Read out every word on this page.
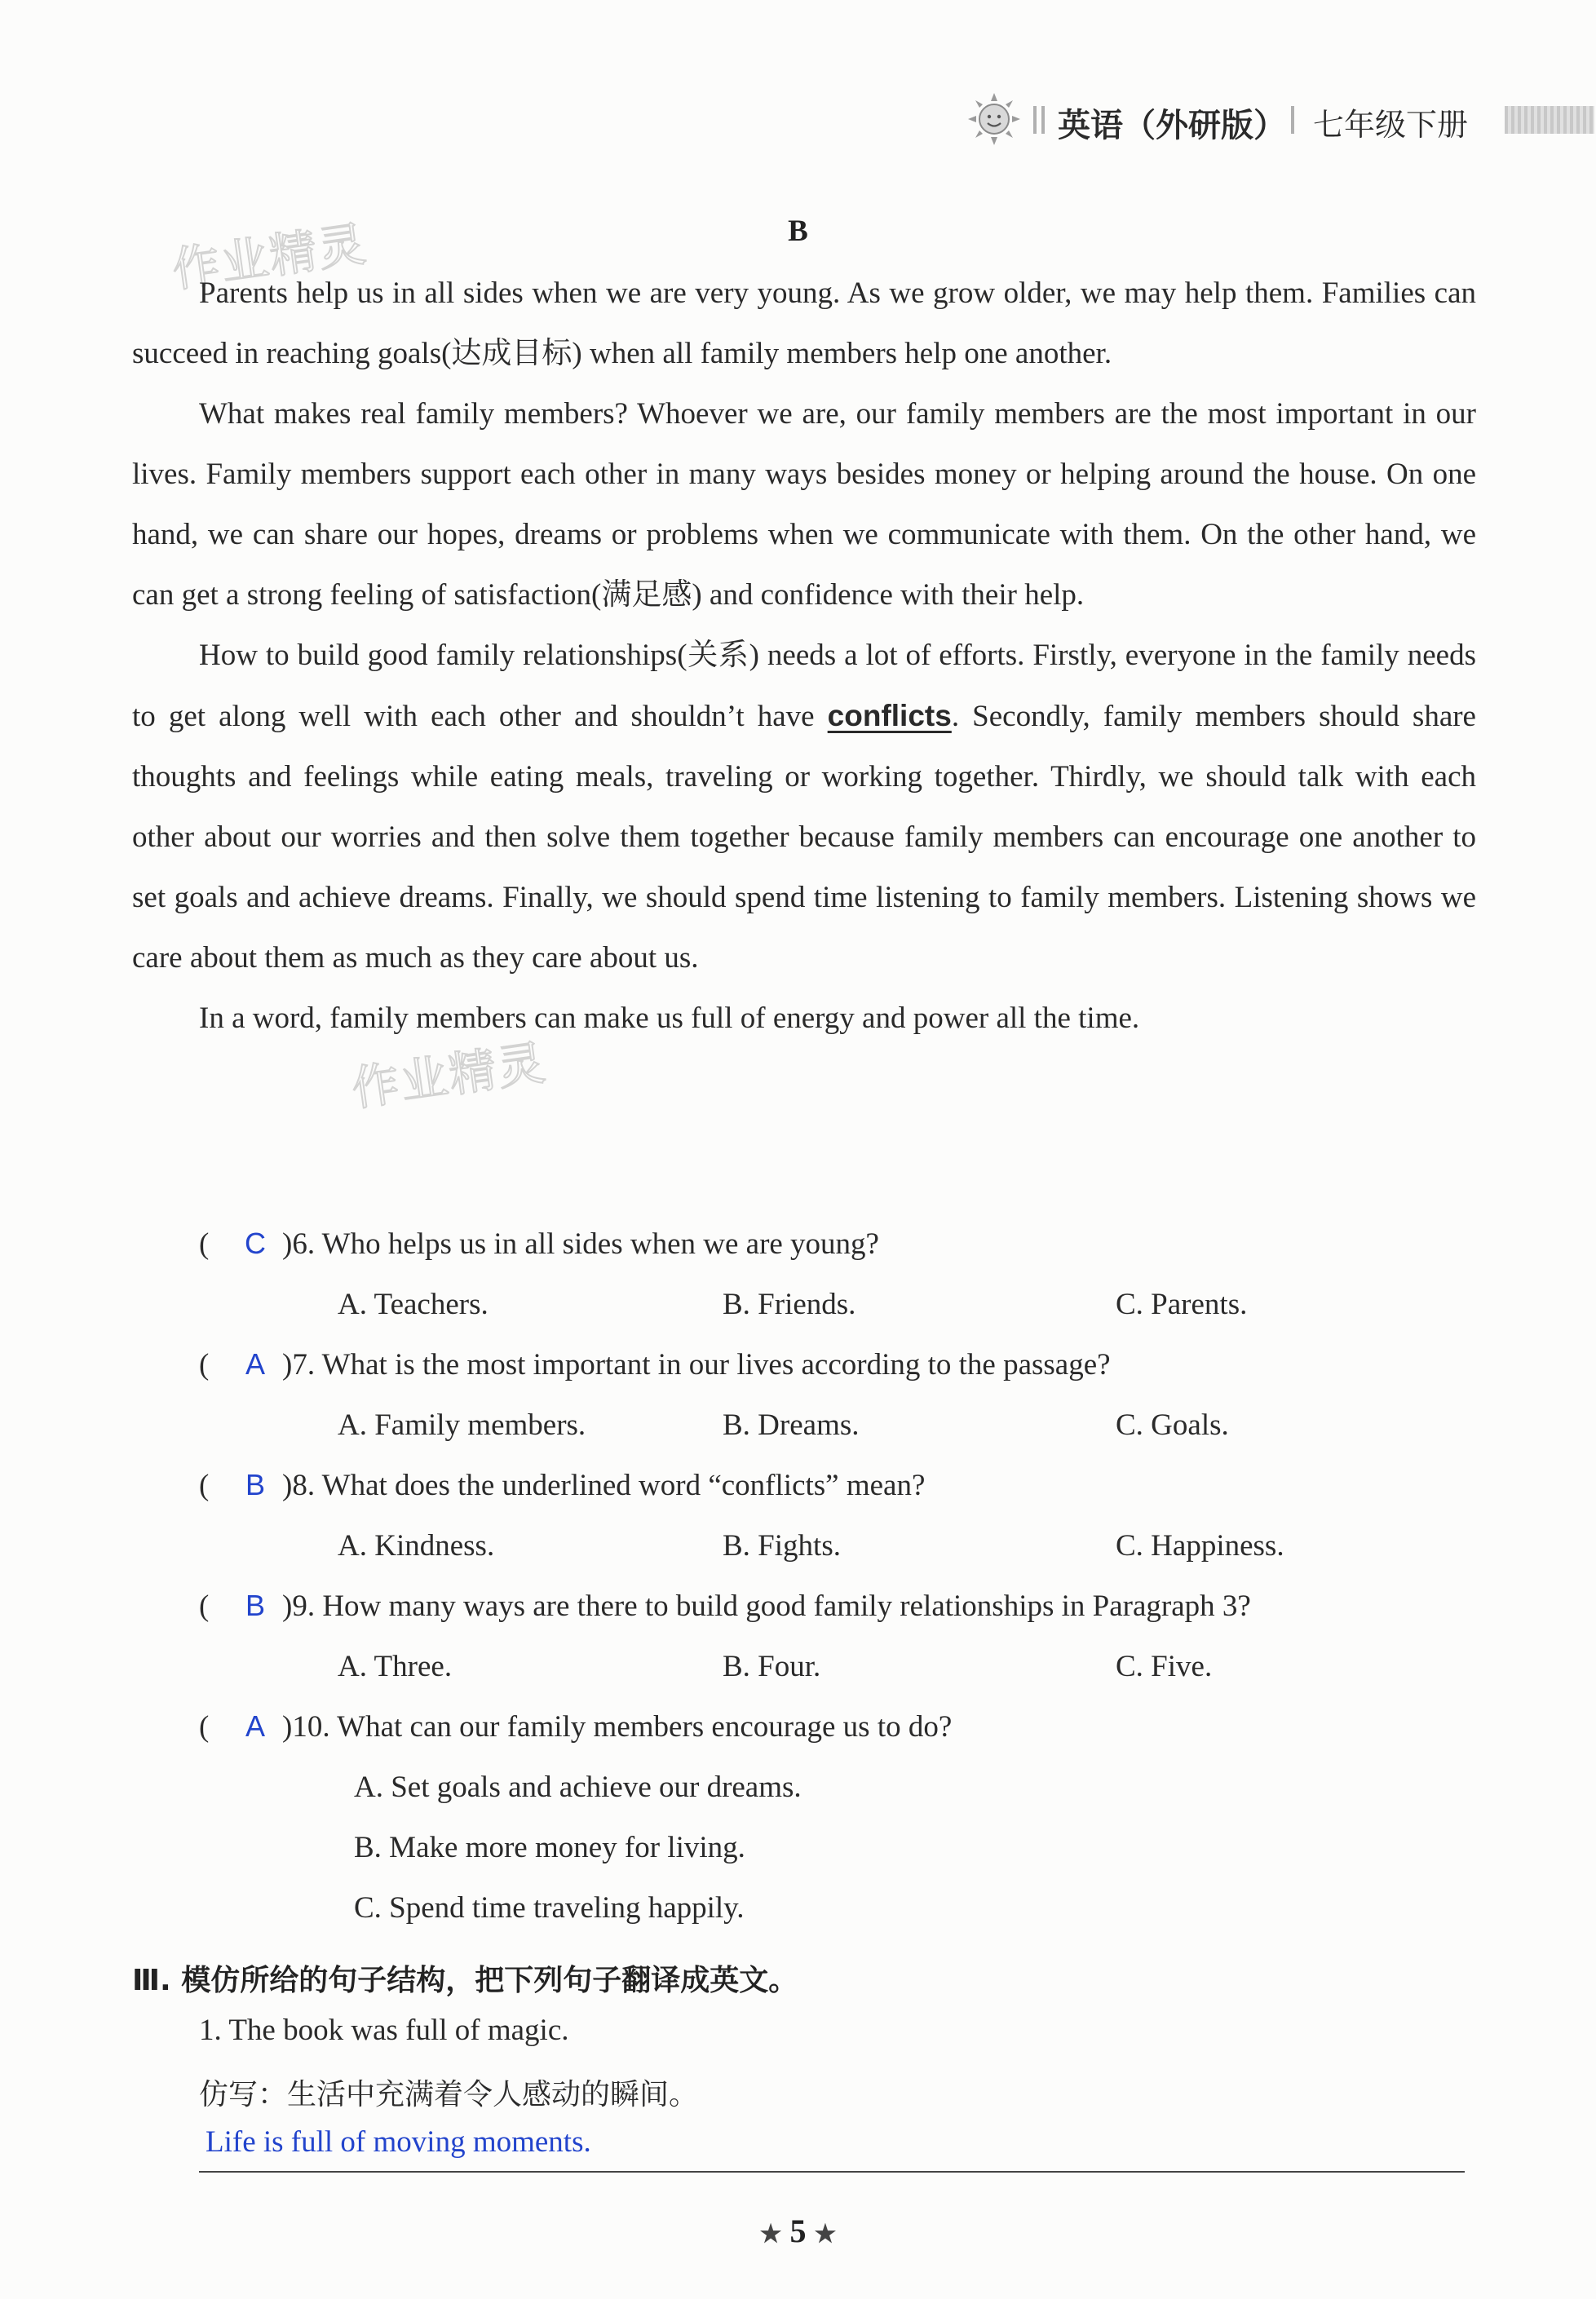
英语（外研版） 七年级下册
作业精灵
作业精灵
B

Parents help us in all sides when we are very young. As we grow older, we may help them. Families can succeed in reaching goals(达成目标) when all family members help one another.

What makes real family members? Whoever we are, our family members are the most important in our lives. Family members support each other in many ways besides money or helping around the house. On one hand, we can share our hopes, dreams or problems when we communicate with them. On the other hand, we can get a strong feeling of satisfaction(满足感) and confidence with their help.

How to build good family relationships(关系) needs a lot of efforts. Firstly, everyone in the family needs to get along well with each other and shouldn’t have conflicts. Secondly, family members should share thoughts and feelings while eating meals, traveling or working together. Thirdly, we should talk with each other about our worries and then solve them together because family members can encourage one another to set goals and achieve dreams. Finally, we should spend time listening to family members. Listening shows we care about them as much as they care about us.

In a word, family members can make us full of energy and power all the time.

( C )6. Who helps us in all sides when we are young?
A. Teachers.	B. Friends.	C. Parents.
( A )7. What is the most important in our lives according to the passage?
A. Family members.	B. Dreams.	C. Goals.
( B )8. What does the underlined word “conflicts” mean?
A. Kindness.	B. Fights.	C. Happiness.
( B )9. How many ways are there to build good family relationships in Paragraph 3?
A. Three.	B. Four.	C. Five.
( A )10. What can our family members encourage us to do?
A. Set goals and achieve our dreams.
B. Make more money for living.
C. Spend time traveling happily.
Ⅲ. 模仿所给的句子结构，把下列句子翻译成英文。
1. The book was full of magic.
仿写：生活中充满着令人感动的瞬间。
Life is full of moving moments.
★ 5 ★
